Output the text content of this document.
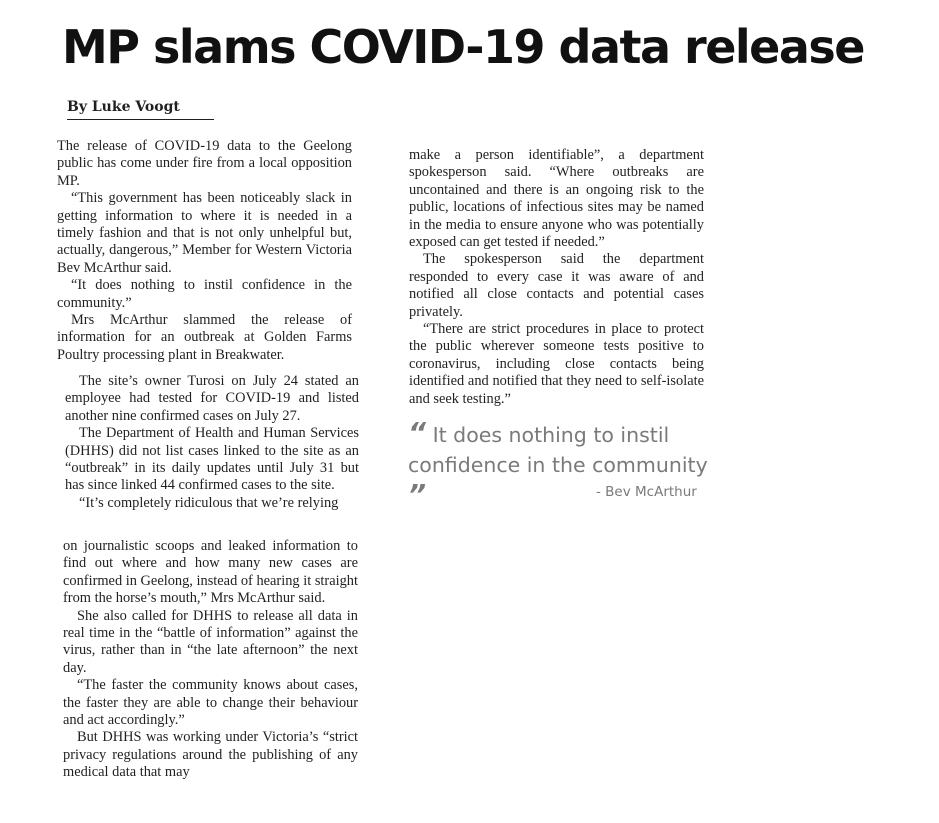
MP slams COVID-19 data release
By Luke Voogt

The release of COVID-19 data to the Geelong public has come under fire from a local opposition MP.

“This government has been noticeably slack in getting information to where it is needed in a timely fashion and that is not only unhelpful but, actually, dangerous,” Member for Western Victoria Bev McArthur said.

“It does nothing to instil confidence in the community.”

Mrs McArthur slammed the release of information for an outbreak at Golden Farms Poultry processing plant in Breakwater.

The site’s owner Turosi on July 24 stated an employee had tested for COVID-19 and listed another nine confirmed cases on July 27.

The Department of Health and Human Services (DHHS) did not list cases linked to the site as an “outbreak” in its daily updates until July 31 but has since linked 44 confirmed cases to the site.

“It’s completely ridiculous that we’re relying

on journalistic scoops and leaked information to find out where and how many new cases are confirmed in Geelong, instead of hearing it straight from the horse’s mouth,” Mrs McArthur said.

She also called for DHHS to release all data in real time in the “battle of information” against the virus, rather than in “the late afternoon” the next day.

“The faster the community knows about cases, the faster they are able to change their behaviour and act accordingly.”

But DHHS was working under Victoria’s “strict privacy regulations around the publishing of any medical data that may

make a person identifiable”, a department spokesperson said. “Where outbreaks are uncontained and there is an ongoing risk to the public, locations of infectious sites may be named in the media to ensure anyone who was potentially exposed can get tested if needed.”

The spokesperson said the department responded to every case it was aware of and notified all close contacts and potential cases privately.

“There are strict procedures in place to protect the public wherever someone tests positive to coronavirus, including close contacts being identified and notified that they need to self-isolate and seek testing.”

“ It does nothing to instil confidence in the community ”	- Bev McArthur
